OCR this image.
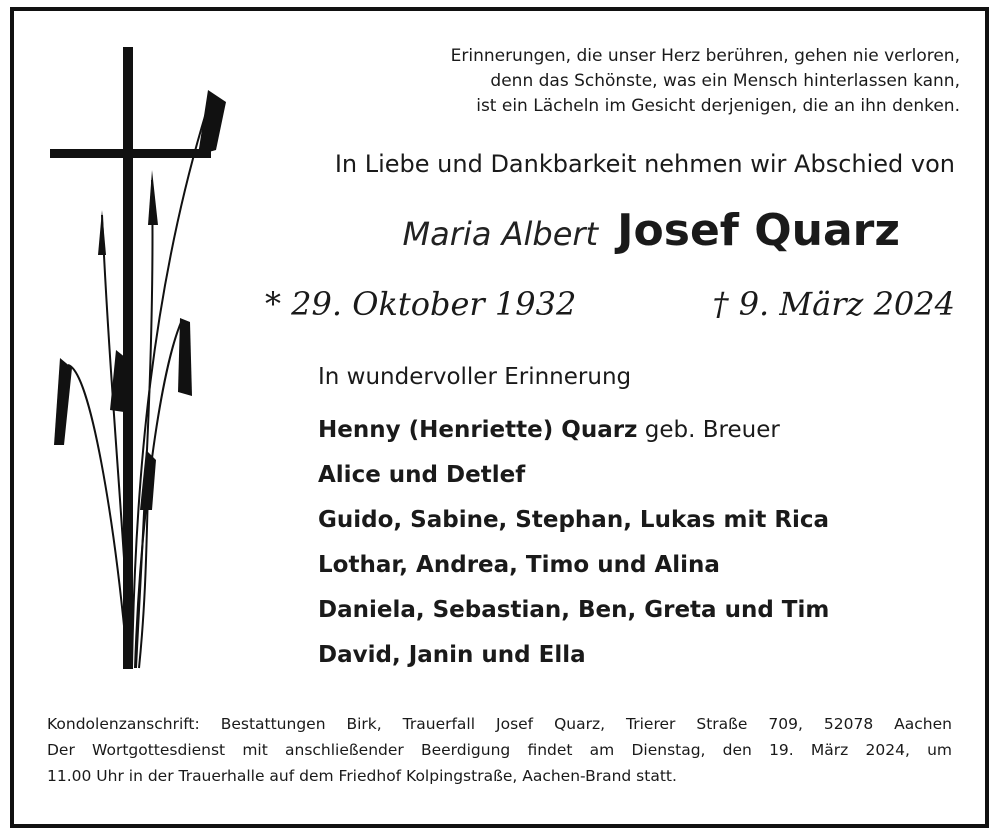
Erinnerungen, die unser Herz berühren, gehen nie verloren,
denn das Schönste, was ein Mensch hinterlassen kann,
ist ein Lächeln im Gesicht derjenigen, die an ihn denken.
In Liebe und Dankbarkeit nehmen wir Abschied von
Maria Albert Josef Quarz
* 29. Oktober 1932	† 9. März 2024
In wundervoller Erinnerung
Henny (Henriette) Quarz geb. Breuer
Alice und Detlef
Guido, Sabine, Stephan, Lukas mit Rica
Lothar, Andrea, Timo und Alina
Daniela, Sebastian, Ben, Greta und Tim
David, Janin und Ella

Kondolenzanschrift: Bestattungen Birk, Trauerfall Josef Quarz, Trierer Straße 709, 52078 Aachen

Der Wortgottesdienst mit anschließender Beerdigung findet am Dienstag, den 19. März 2024, um

11.00 Uhr in der Trauerhalle auf dem Friedhof Kolpingstraße, Aachen-Brand statt.
